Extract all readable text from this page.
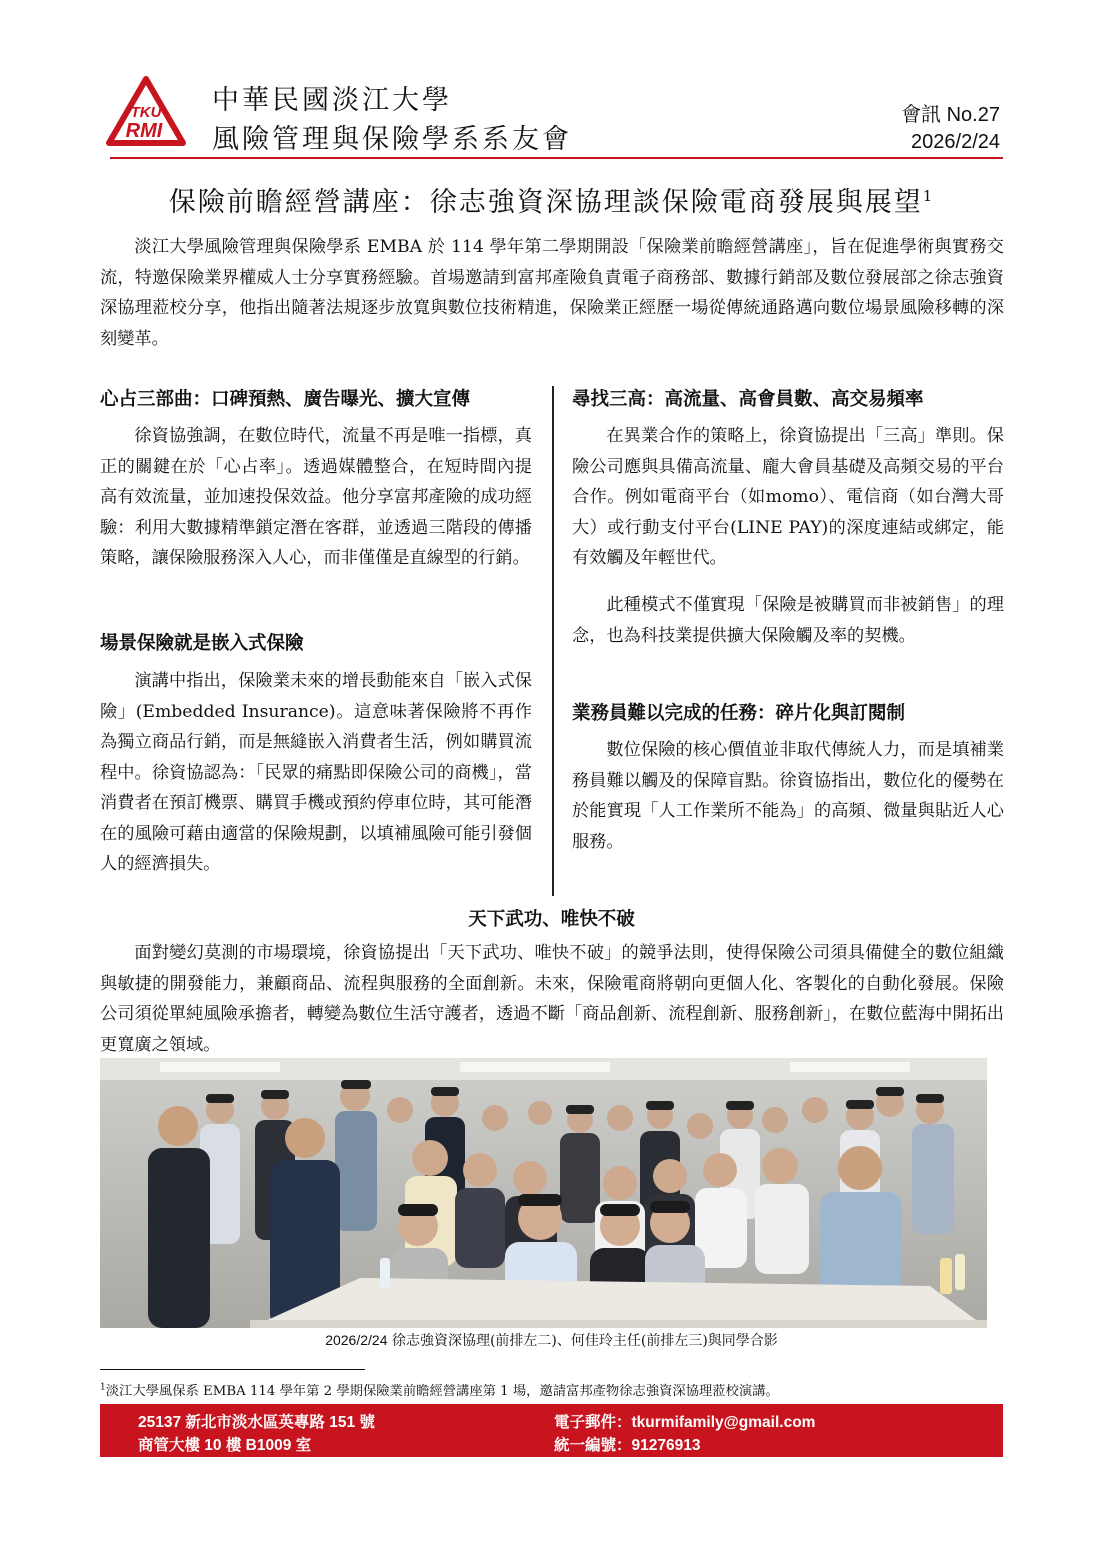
TKU
RMI
中華民國淡江大學
風險管理與保險學系系友會
會訊 No.27
2026/2/24
保險前瞻經營講座：徐志強資深協理談保險電商發展與展望$^1$
淡江大學風險管理與保險學系 EMBA 於 114 學年第二學期開設「保險業前瞻經營講座」，旨在促進學術與實務交流，特邀保險業界權威人士分享實務經驗。首場邀請到富邦產險負責電子商務部、數據行銷部及數位發展部之徐志強資深協理蒞校分享，他指出隨著法規逐步放寬與數位技術精進，保險業正經歷一場從傳統通路邁向數位場景風險移轉的深刻變革。
心占三部曲：口碑預熱、廣告曝光、擴大宣傳
徐資協強調，在數位時代，流量不再是唯一指標，真正的關鍵在於「心占率」。透過媒體整合，在短時間內提高有效流量，並加速投保效益。他分享富邦產險的成功經驗：利用大數據精準鎖定潛在客群，並透過三階段的傳播策略，讓保險服務深入人心，而非僅僅是直線型的行銷。
場景保險就是嵌入式保險
演講中指出，保險業未來的增長動能來自「嵌入式保險」(Embedded Insurance)。這意味著保險將不再作為獨立商品行銷，而是無縫嵌入消費者生活，例如購買流程中。徐資協認為：「民眾的痛點即保險公司的商機」，當消費者在預訂機票、購買手機或預約停車位時，其可能潛在的風險可藉由適當的保險規劃，以填補風險可能引發個人的經濟損失。
尋找三高：高流量、高會員數、高交易頻率
在異業合作的策略上，徐資協提出「三高」準則。保險公司應與具備高流量、龐大會員基礎及高頻交易的平台合作。例如電商平台（如momo）、電信商（如台灣大哥大）或行動支付平台(LINE PAY)的深度連結或綁定，能有效觸及年輕世代。
此種模式不僅實現「保險是被購買而非被銷售」的理念，也為科技業提供擴大保險觸及率的契機。
業務員難以完成的任務：碎片化與訂閱制
數位保險的核心價值並非取代傳統人力，而是填補業務員難以觸及的保障盲點。徐資協指出，數位化的優勢在於能實現「人工作業所不能為」的高頻、微量與貼近人心服務。
天下武功、唯快不破
面對變幻莫測的市場環境，徐資協提出「天下武功、唯快不破」的競爭法則，使得保險公司須具備健全的數位組織與敏捷的開發能力，兼顧商品、流程與服務的全面創新。未來，保險電商將朝向更個人化、客製化的自動化發展。保險公司須從單純風險承擔者，轉變為數位生活守護者，透過不斷「商品創新、流程創新、服務創新」，在數位藍海中開拓出更寬廣之領域。
2026/2/24 徐志強資深協理(前排左二)、何佳玲主任(前排左三)與同學合影
$^1$淡江大學風保系 EMBA 114 學年第 2 學期保險業前瞻經營講座第 1 場，邀請富邦產物徐志強資深協理蒞校演講。
25137 新北市淡水區英專路 151 號
商管大樓 10 樓 B1009 室
電子郵件：tkurmifamily@gmail.com
統一編號：91276913
